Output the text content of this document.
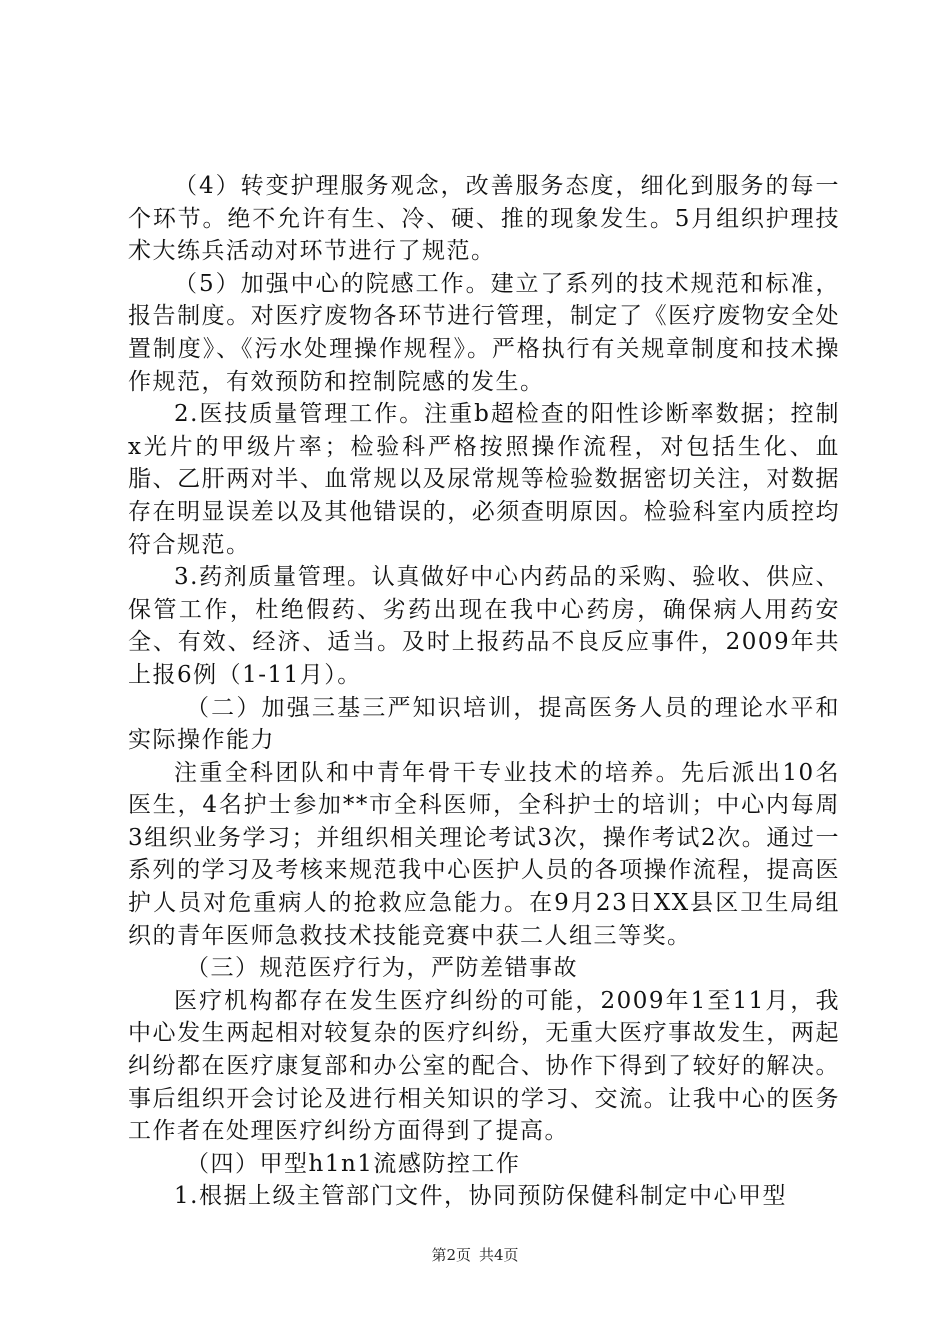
（4）转变护理服务观念，改善服务态度，细化到服务的每一个环节。绝不允许有生、冷、硬、推的现象发生。5月组织护理技术大练兵活动对环节进行了规范。

（5）加强中心的院感工作。建立了系列的技术规范和标准，报告制度。对医疗废物各环节进行管理，制定了《医疗废物安全处置制度》、《污水处理操作规程》。严格执行有关规章制度和技术操作规范，有效预防和控制院感的发生。

2.医技质量管理工作。注重b超检查的阳性诊断率数据；控制x光片的甲级片率；检验科严格按照操作流程，对包括生化、血脂、乙肝两对半、血常规以及尿常规等检验数据密切关注，对数据存在明显误差以及其他错误的，必须查明原因。检验科室内质控均符合规范。

3.药剂质量管理。认真做好中心内药品的采购、验收、供应、保管工作，杜绝假药、劣药出现在我中心药房，确保病人用药安全、有效、经济、适当。及时上报药品不良反应事件，2009年共上报6例（1-11月）。

（二）加强三基三严知识培训，提高医务人员的理论水平和实际操作能力

注重全科团队和中青年骨干专业技术的培养。先后派出10名医生，4名护士参加**市全科医师，全科护士的培训；中心内每周3组织业务学习；并组织相关理论考试3次，操作考试2次。通过一系列的学习及考核来规范我中心医护人员的各项操作流程，提高医护人员对危重病人的抢救应急能力。在9月23日XX县区卫生局组织的青年医师急救技术技能竞赛中获二人组三等奖。

（三）规范医疗行为，严防差错事故

医疗机构都存在发生医疗纠纷的可能，2009年1至11月，我中心发生两起相对较复杂的医疗纠纷，无重大医疗事故发生，两起纠纷都在医疗康复部和办公室的配合、协作下得到了较好的解决。事后组织开会讨论及进行相关知识的学习、交流。让我中心的医务工作者在处理医疗纠纷方面得到了提高。

（四）甲型h1n1流感防控工作

1.根据上级主管部门文件，协同预防保健科制定中心甲型

第2页 共4页
